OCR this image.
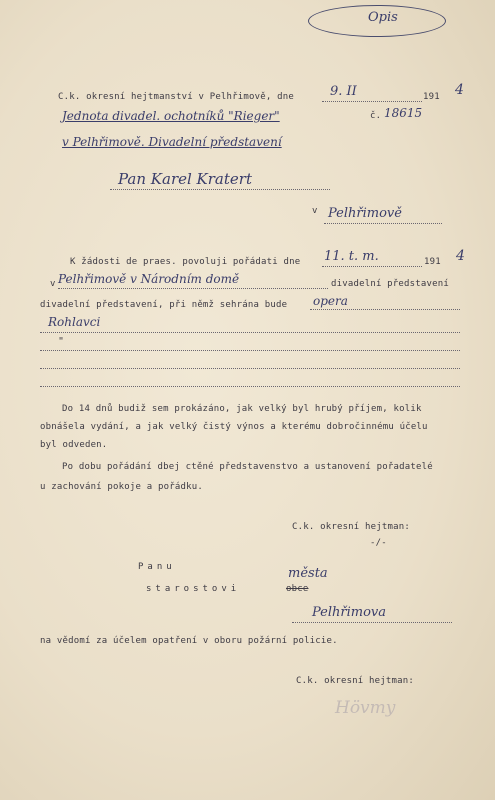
Opis
C.k. okresní hejtmanství v Pelhřimově, dne	9. II	191 4
Jednota divadel. ochotníků "Rieger"	č. 18615
v Pelhřimově. Divadelní představení
Pan Karel Kratert
v Pelhřimově
K žádosti de praes. povoluji pořádati dne 11. t. m.	191 4
v Pelhřimově v Národním domě	divadelní představení
divadelní představení, při němž sehrána bude opera
Rohlavci
"
Do 14 dnů budiž sem prokázáno, jak velký byl hrubý příjem, kolik
obnášela vydání, a jak velký čistý výnos a kterému dobročinnému účelu
byl odveden.
Po dobu pořádání dbej ctěné představenstvo a ustanovení pořadatelé
u zachování pokoje a pořádku.
C.k. okresní hejtman:
-/-
Panu	města
starostovi	obce
Pelhřimova
na vědomí za účelem opatření v oboru požární policie.
C.k. okresní hejtman:
Hövmy
